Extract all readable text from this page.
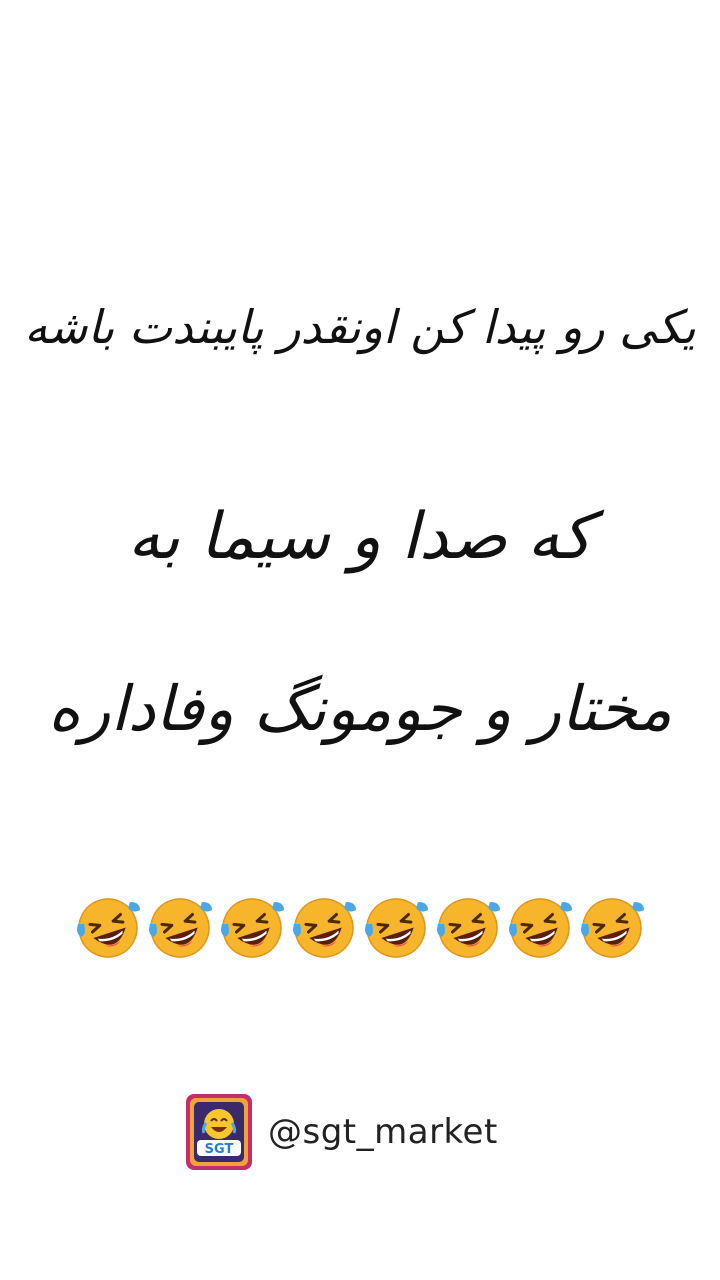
یکی رو پیدا کن اونقدر پایبندت باشه
که صدا و سیما به
مختار و جومونگ وفاداره
SGT @sgt_market
